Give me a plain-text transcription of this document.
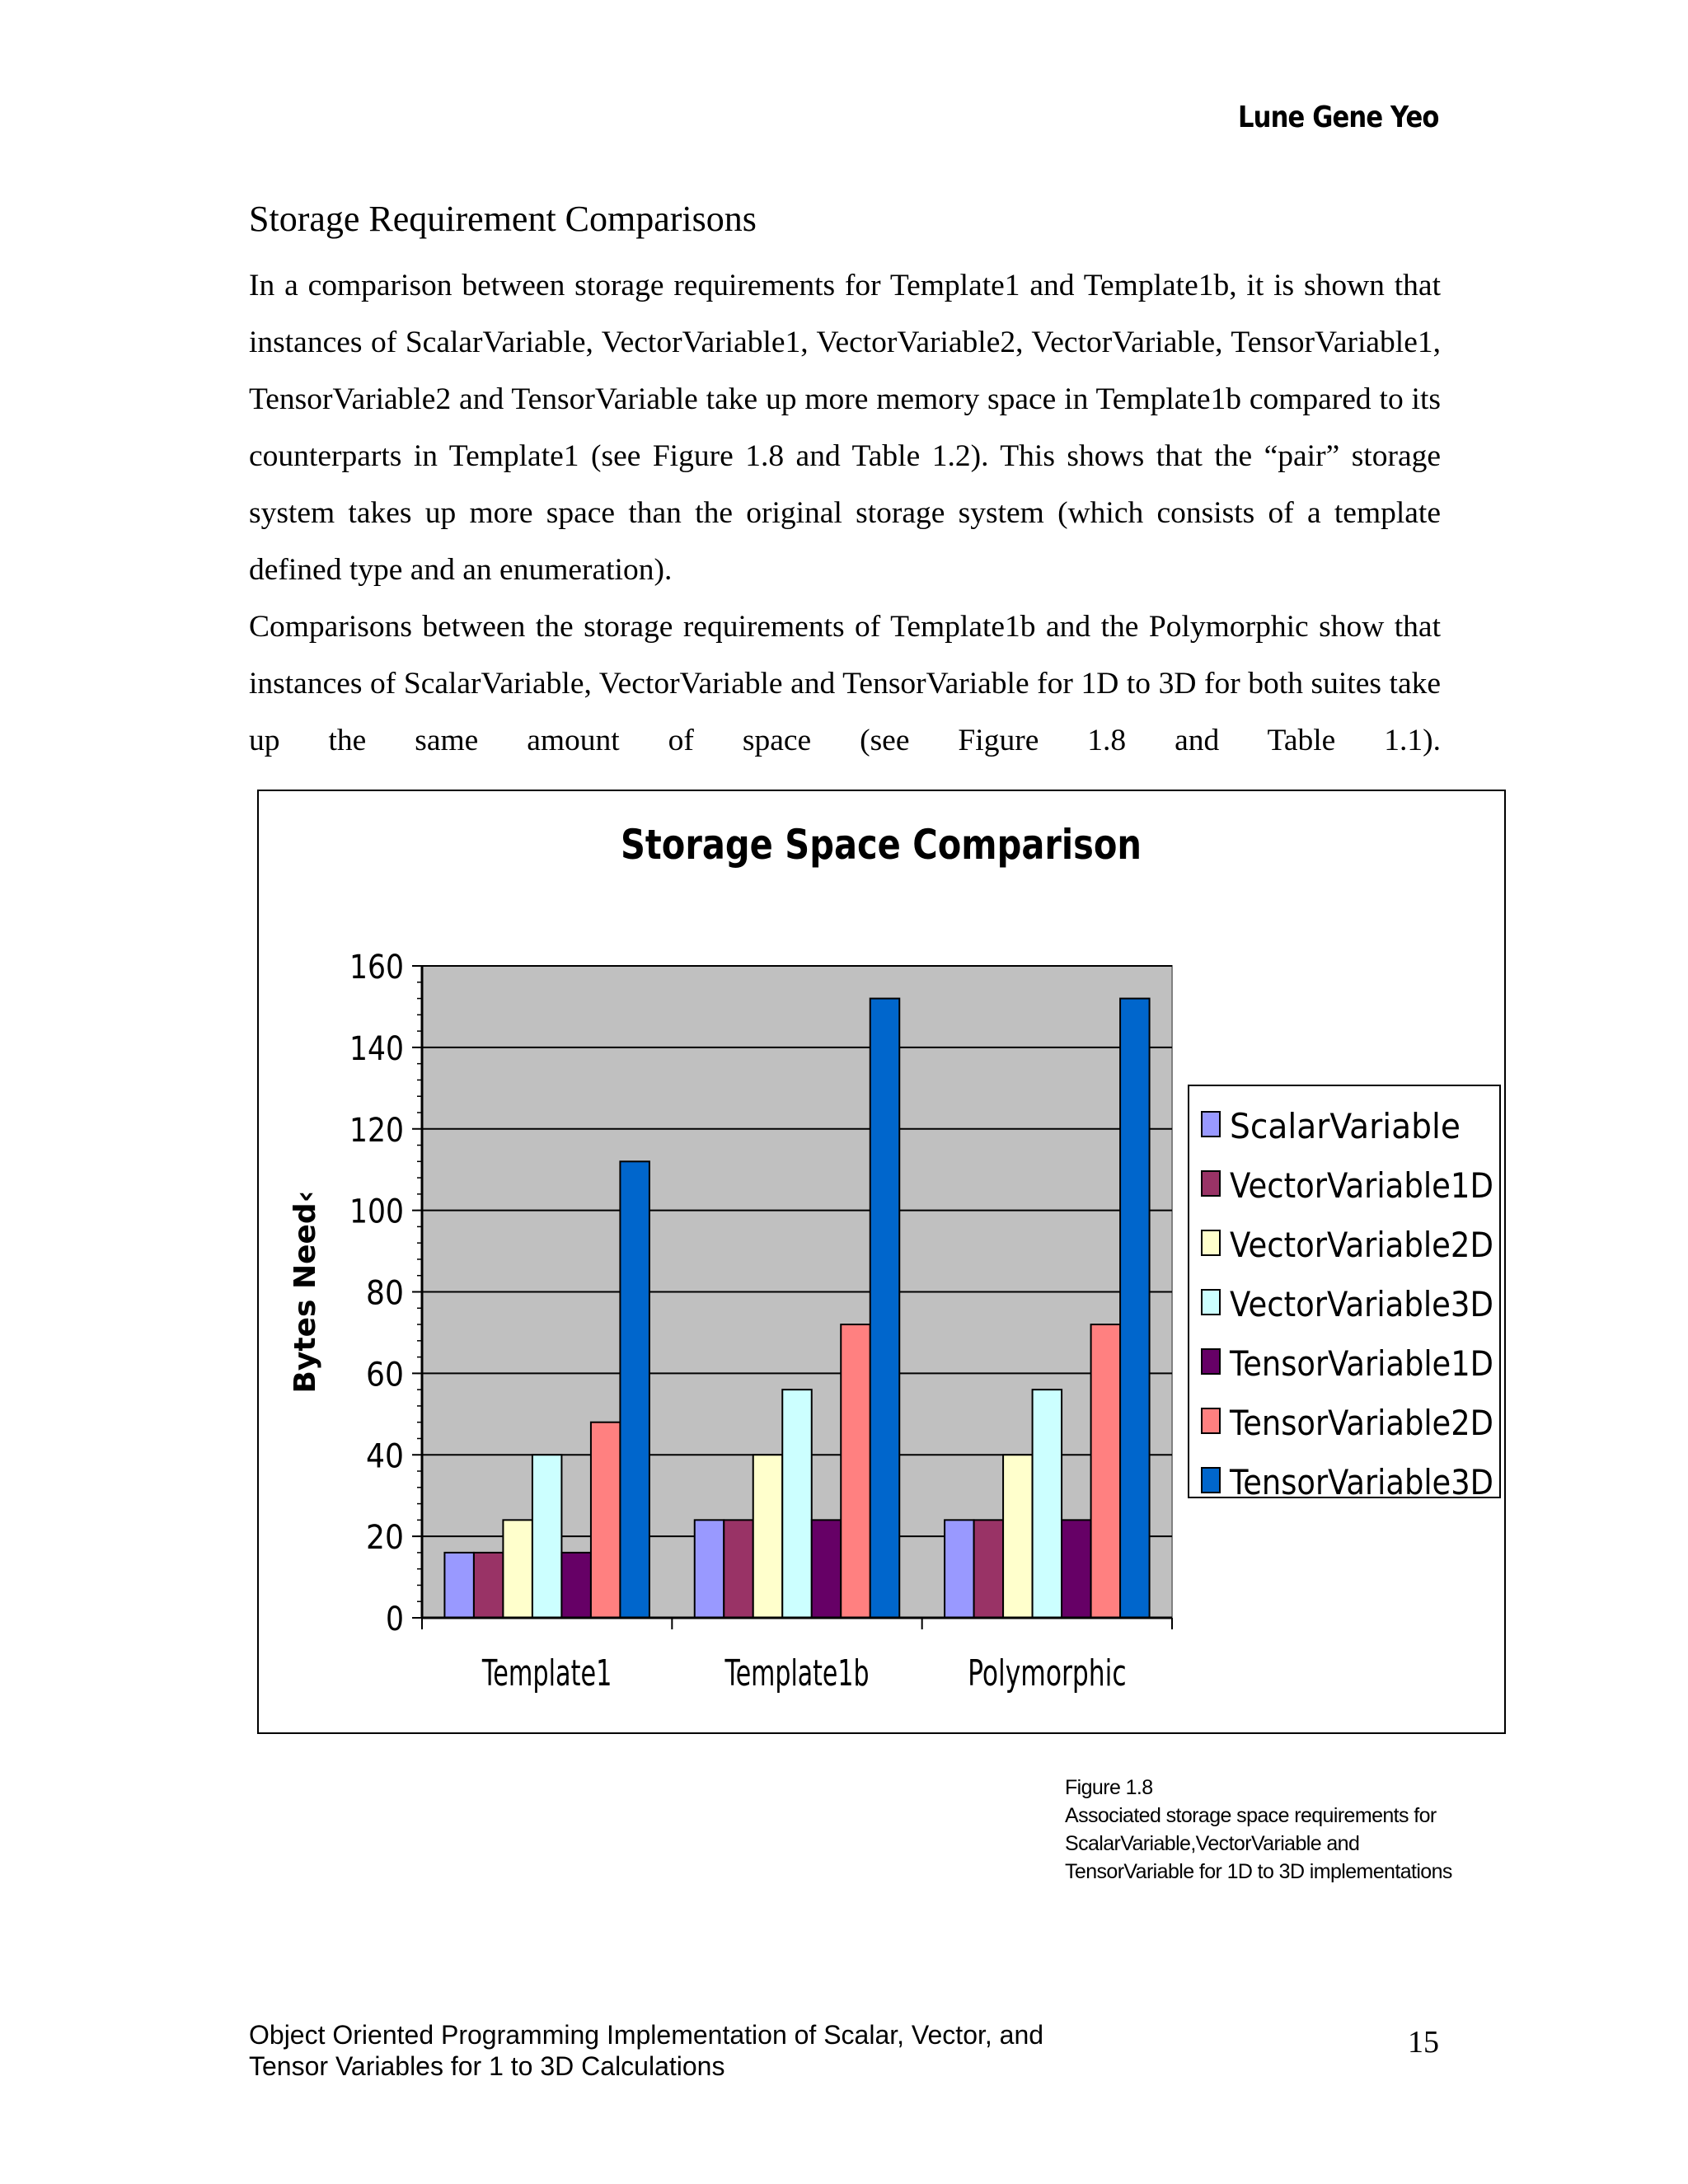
Lune Gene Yeo
Storage Requirement Comparisons

In a comparison between storage requirements for Template1 and Template1b, it is shown that instances of ScalarVariable, VectorVariable1, VectorVariable2, VectorVariable, TensorVariable1, TensorVariable2 and TensorVariable take up more memory space in Template1b compared to its counterparts in Template1 (see Figure 1.8 and Table 1.2). This shows that the “pair” storage system takes up more space than the original storage system (which consists of a template defined type and an enumeration).

Comparisons between the storage requirements of Template1b and the Polymorphic show that instances of ScalarVariable, VectorVariable and TensorVariable for 1D to 3D for both suites take up the same amount of space (see Figure 1.8 and Table 1.1).

Storage Space Comparison
0
20
40
60
80
100
120
140
160
Bytes Need‹
Template1	Template1b	Polymorphic
ScalarVariable
VectorVariable1D
VectorVariable2D
VectorVariable3D
TensorVariable1D
TensorVariable2D
TensorVariable3D
Figure 1.8
Associated storage space requirements for
ScalarVariable,VectorVariable and
TensorVariable for 1D to 3D implementations
Object Oriented Programming Implementation of Scalar, Vector, and
Tensor Variables for 1 to 3D Calculations
15
